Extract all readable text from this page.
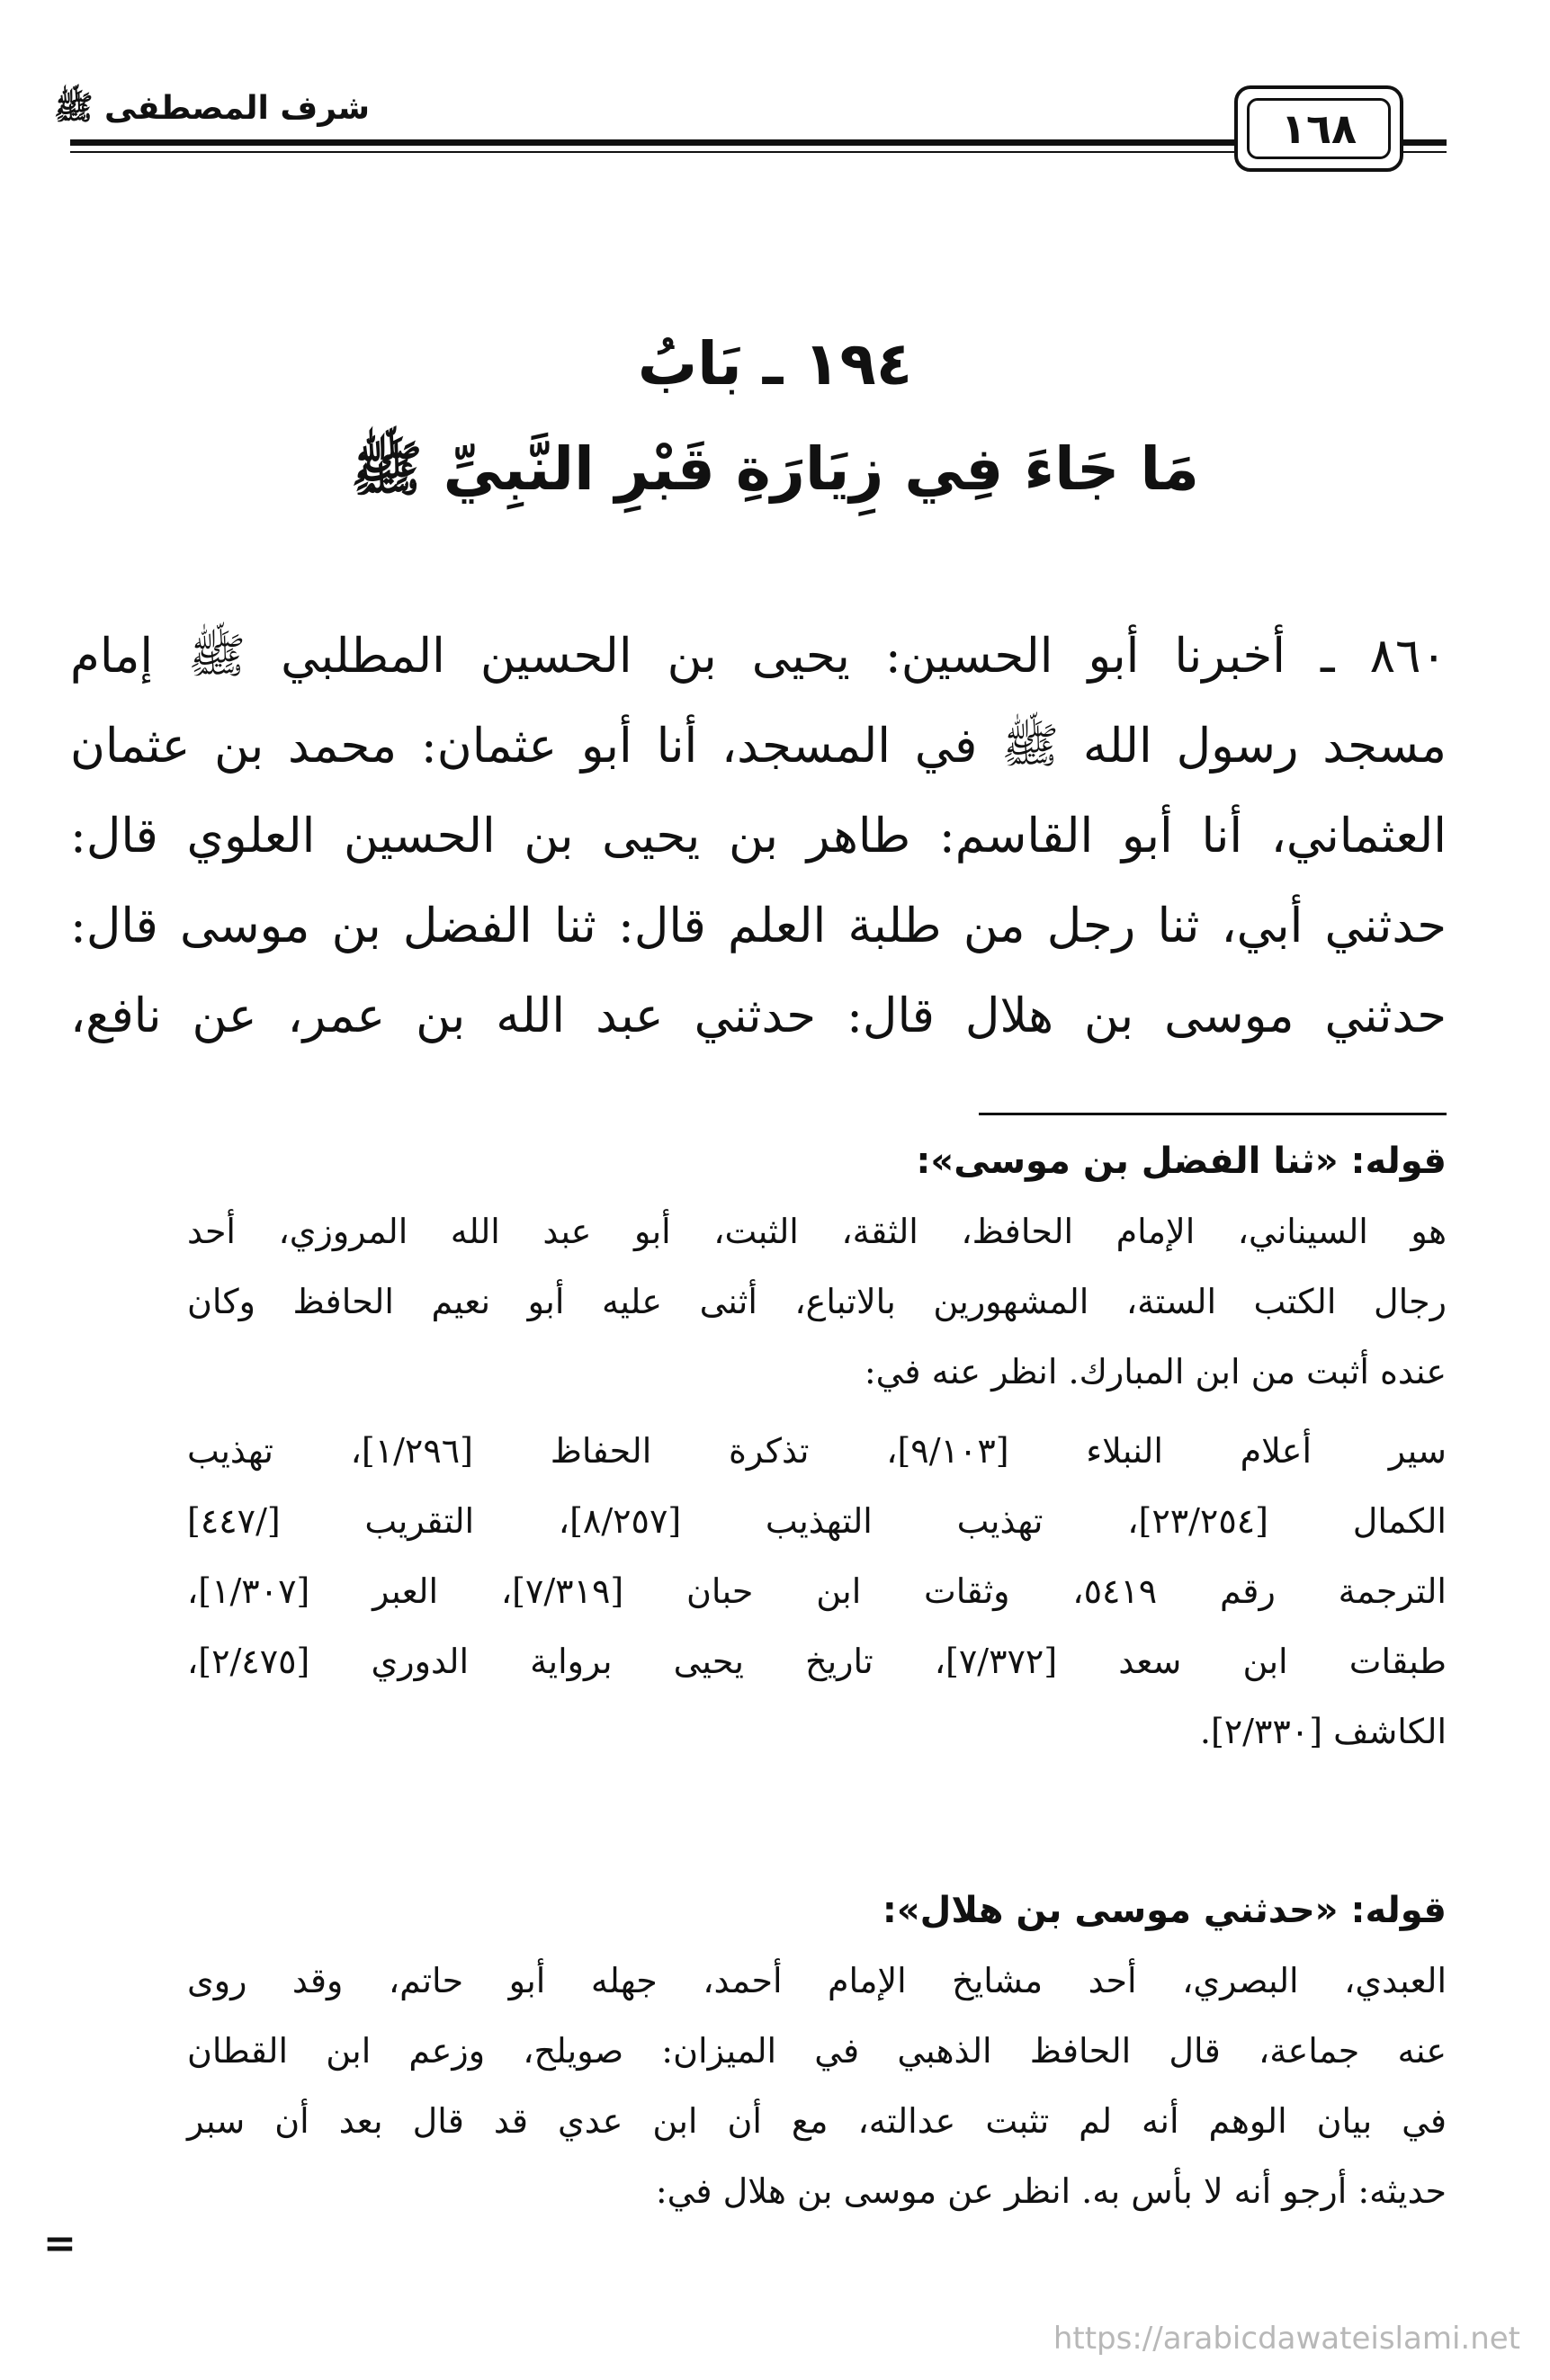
شرف المصطفى ﷺ	١٦٨
١٩٤ ـ بَابُ
مَا جَاءَ فِي زِيَارَةِ قَبْرِ النَّبِيِّ ﷺ
٨٦٠ ـ أخبرنا أبو الحسين: يحيى بن الحسين المطلبي ﷺ إمام
مسجد رسول الله ﷺ في المسجد، أنا أبو عثمان: محمد بن عثمان
العثماني، أنا أبو القاسم: طاهر بن يحيى بن الحسين العلوي قال:
حدثني أبي، ثنا رجل من طلبة العلم قال: ثنا الفضل بن موسى قال:
حدثني موسى بن هلال قال: حدثني عبد الله بن عمر، عن نافع،
قوله: «ثنا الفضل بن موسى»:
هو السيناني، الإمام الحافظ، الثقة، الثبت، أبو عبد الله المروزي، أحد
رجال الكتب الستة، المشهورين بالاتباع، أثنى عليه أبو نعيم الحافظ وكان
عنده أثبت من ابن المبارك. انظر عنه في:
سير أعلام النبلاء [٩/١٠٣]، تذكرة الحفاظ [١/٢٩٦]، تهذيب
الكمال [٢٣/٢٥٤]، تهذيب التهذيب [٨/٢٥٧]، التقريب [/٤٤٧]
الترجمة رقم ٥٤١٩، وثقات ابن حبان [٧/٣١٩]، العبر [١/٣٠٧]،
طبقات ابن سعد [٧/٣٧٢]، تاريخ يحيى برواية الدوري [٢/٤٧٥]،
الكاشف [٢/٣٣٠].
قوله: «حدثني موسى بن هلال»:
العبدي، البصري، أحد مشايخ الإمام أحمد، جهله أبو حاتم، وقد روى
عنه جماعة، قال الحافظ الذهبي في الميزان: صويلح، وزعم ابن القطان
في بيان الوهم أنه لم تثبت عدالته، مع أن ابن عدي قد قال بعد أن سبر
حديثه: أرجو أنه لا بأس به. انظر عن موسى بن هلال في:
=
https://arabicdawateislami.net
